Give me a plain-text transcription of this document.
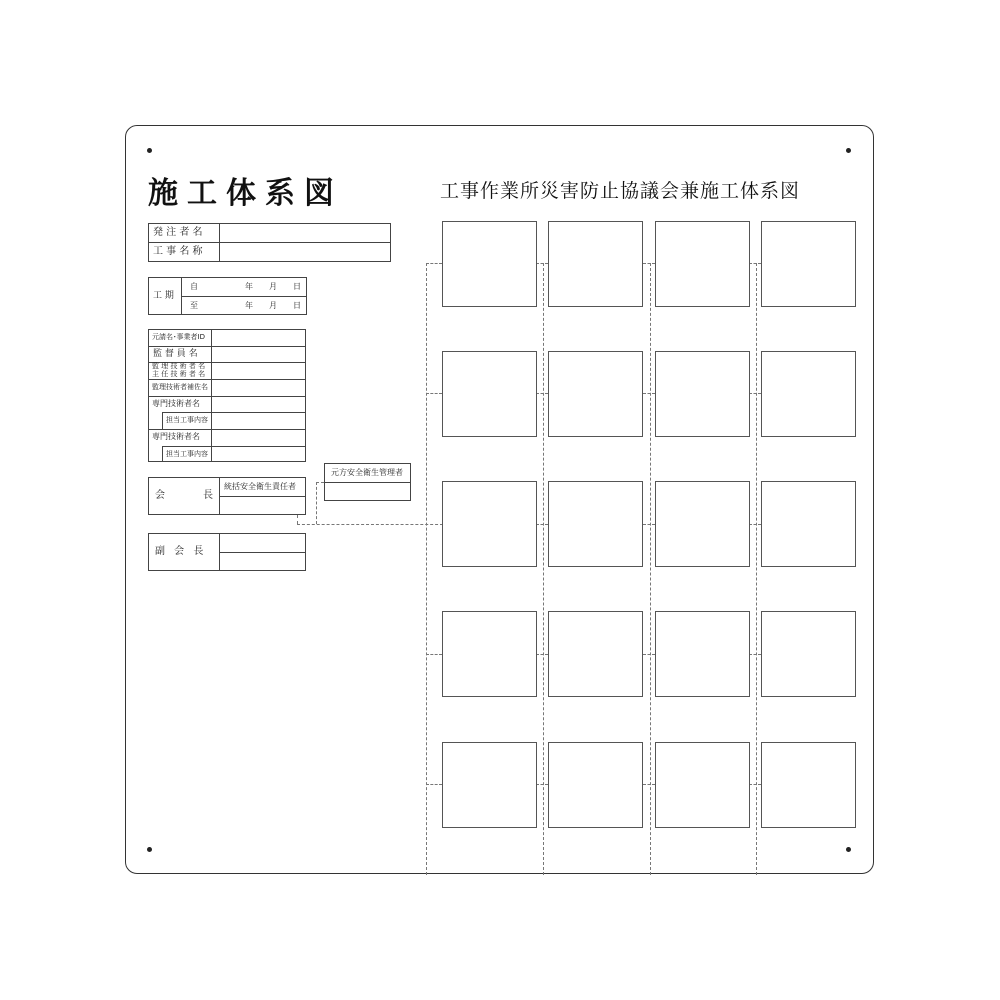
施工体系図	工事作業所災害防止協議会兼施工体系図
発 注 者 名
工 事 名 称
工 期
自	年 月 日
至	年 月 日
元請名･事業者ID
監 督 員 名
監 理 技 術 者 名
主 任 技 術 者 名
監理技術者補佐名
専門技術者名
担当工事内容
専門技術者名
担当工事内容
会	長
統括安全衛生責任者
副 会 長
元方安全衛生管理者
